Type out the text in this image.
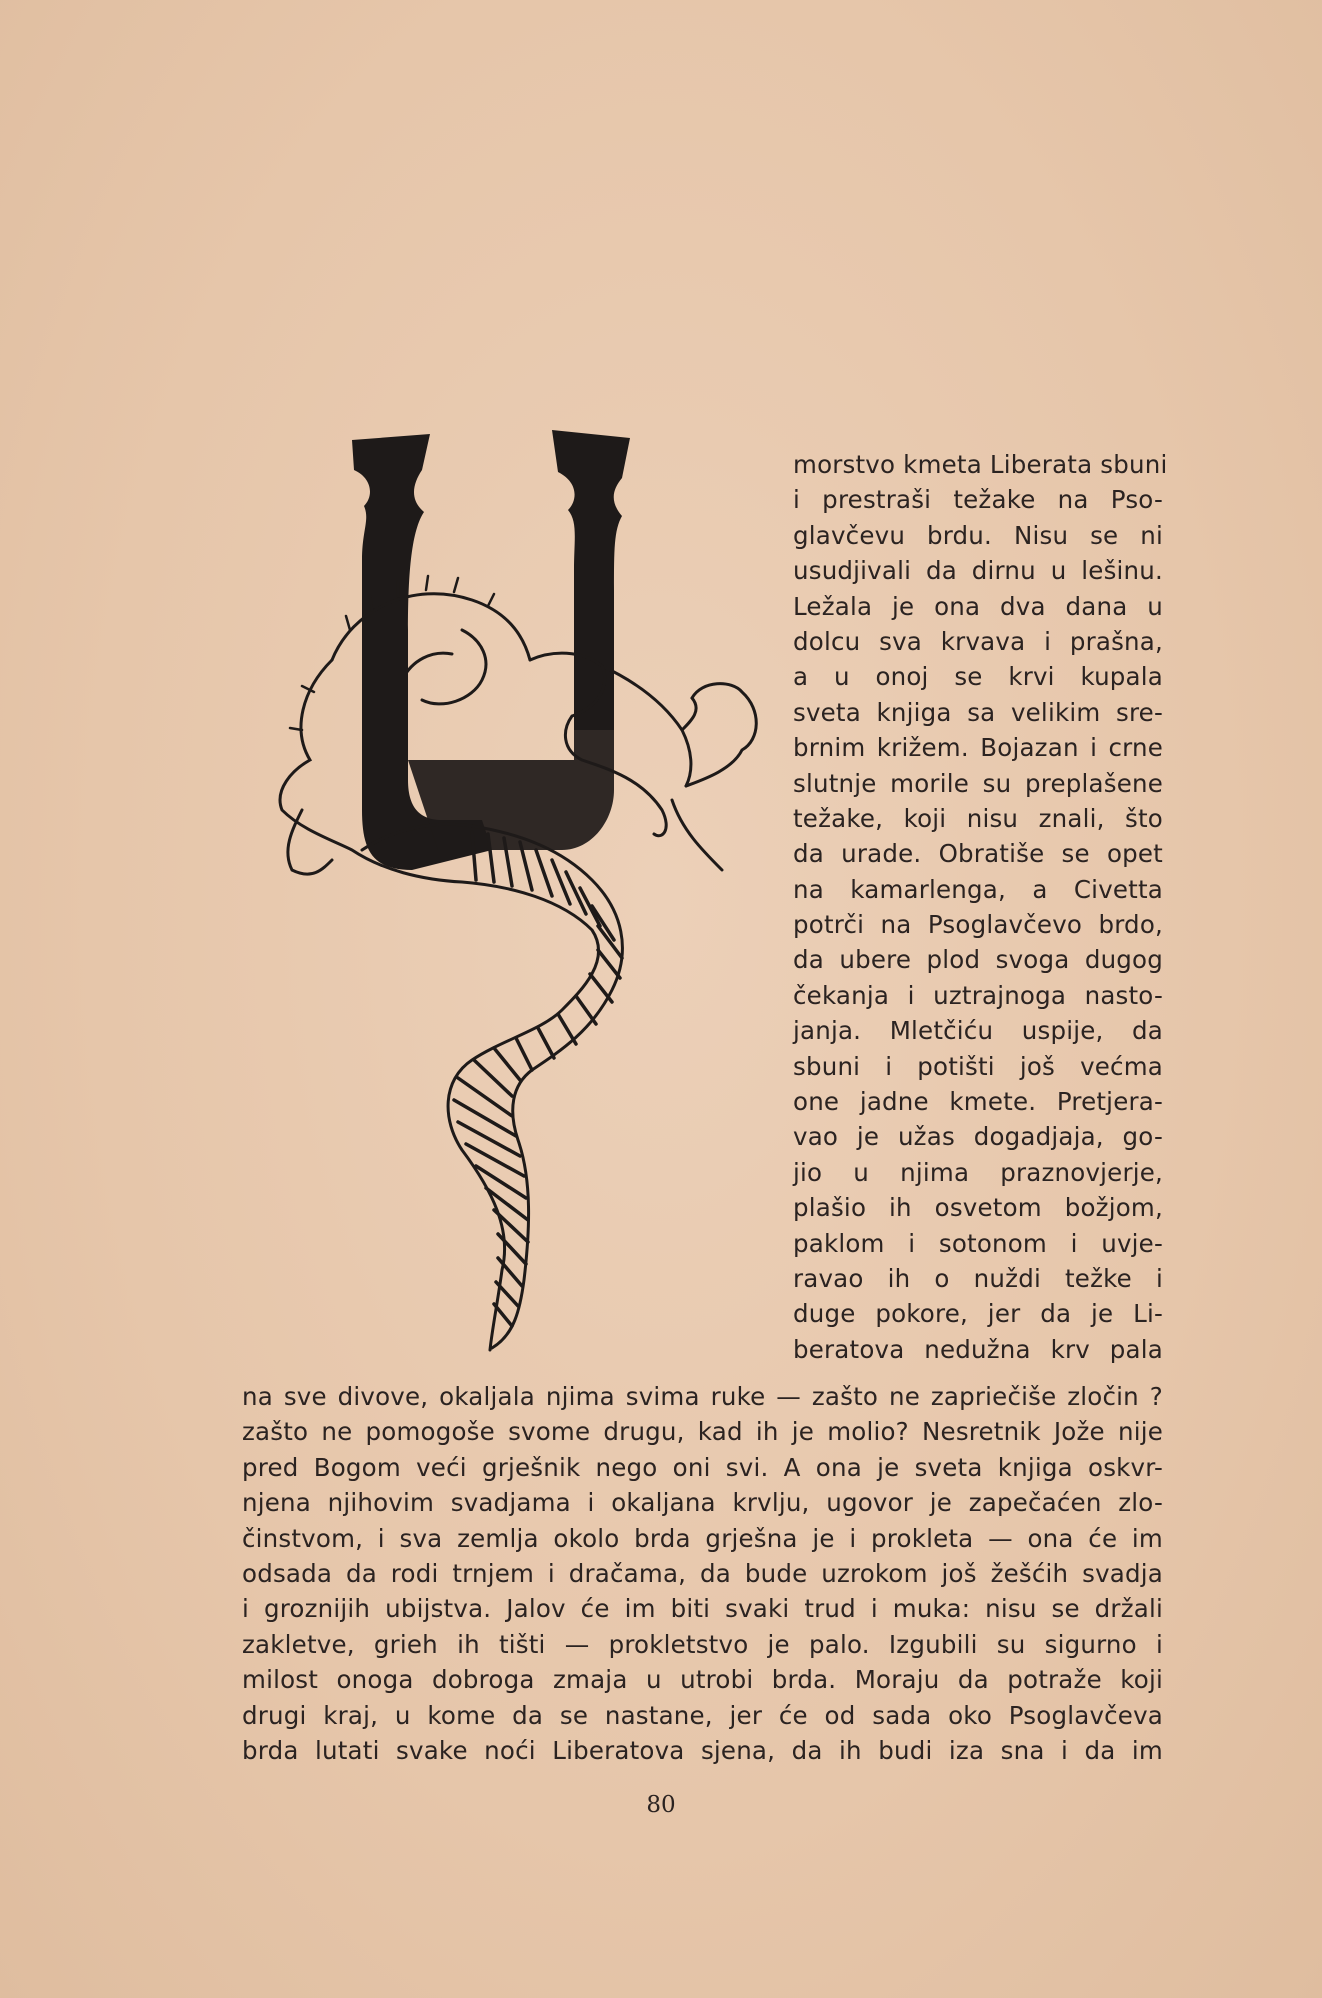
morstvo kmeta Liberata sbuni
i prestraši težake na Pso-
glavčevu brdu. Nisu se ni
usudjivali da dirnu u lešinu.
Ležala je ona dva dana u
dolcu sva krvava i prašna,
a u onoj se krvi kupala
sveta knjiga sa velikim sre-
brnim križem. Bojazan i crne
slutnje morile su preplašene
težake, koji nisu znali, što
da urade. Obratiše se opet
na kamarlenga, a Civetta
potrči na Psoglavčevo brdo,
da ubere plod svoga dugog
čekanja i uztrajnoga nasto-
janja. Mletčiću uspije, da
sbuni i potišti još većma
one jadne kmete. Pretjera-
vao je užas dogadjaja, go-
jio u njima praznovjerje,
plašio ih osvetom božjom,
paklom i sotonom i uvje-
ravao ih o nuždi težke i
duge pokore, jer da je Li-
beratova nedužna krv pala
na sve divove, okaljala njima svima ruke — zašto ne zapriečiše zločin ?
zašto ne pomogoše svome drugu, kad ih je molio? Nesretnik Jože nije
pred Bogom veći grješnik nego oni svi. A ona je sveta knjiga oskvr-
njena njihovim svadjama i okaljana krvlju, ugovor je zapečaćen zlo-
činstvom, i sva zemlja okolo brda grješna je i prokleta — ona će im
odsada da rodi trnjem i dračama, da bude uzrokom još žešćih svadja
i groznijih ubijstva. Jalov će im biti svaki trud i muka: nisu se držali
zakletve, grieh ih tišti — prokletstvo je palo. Izgubili su sigurno i
milost onoga dobroga zmaja u utrobi brda. Moraju da potraže koji
drugi kraj, u kome da se nastane, jer će od sada oko Psoglavčeva
brda lutati svake noći Liberatova sjena, da ih budi iza sna i da im
80
